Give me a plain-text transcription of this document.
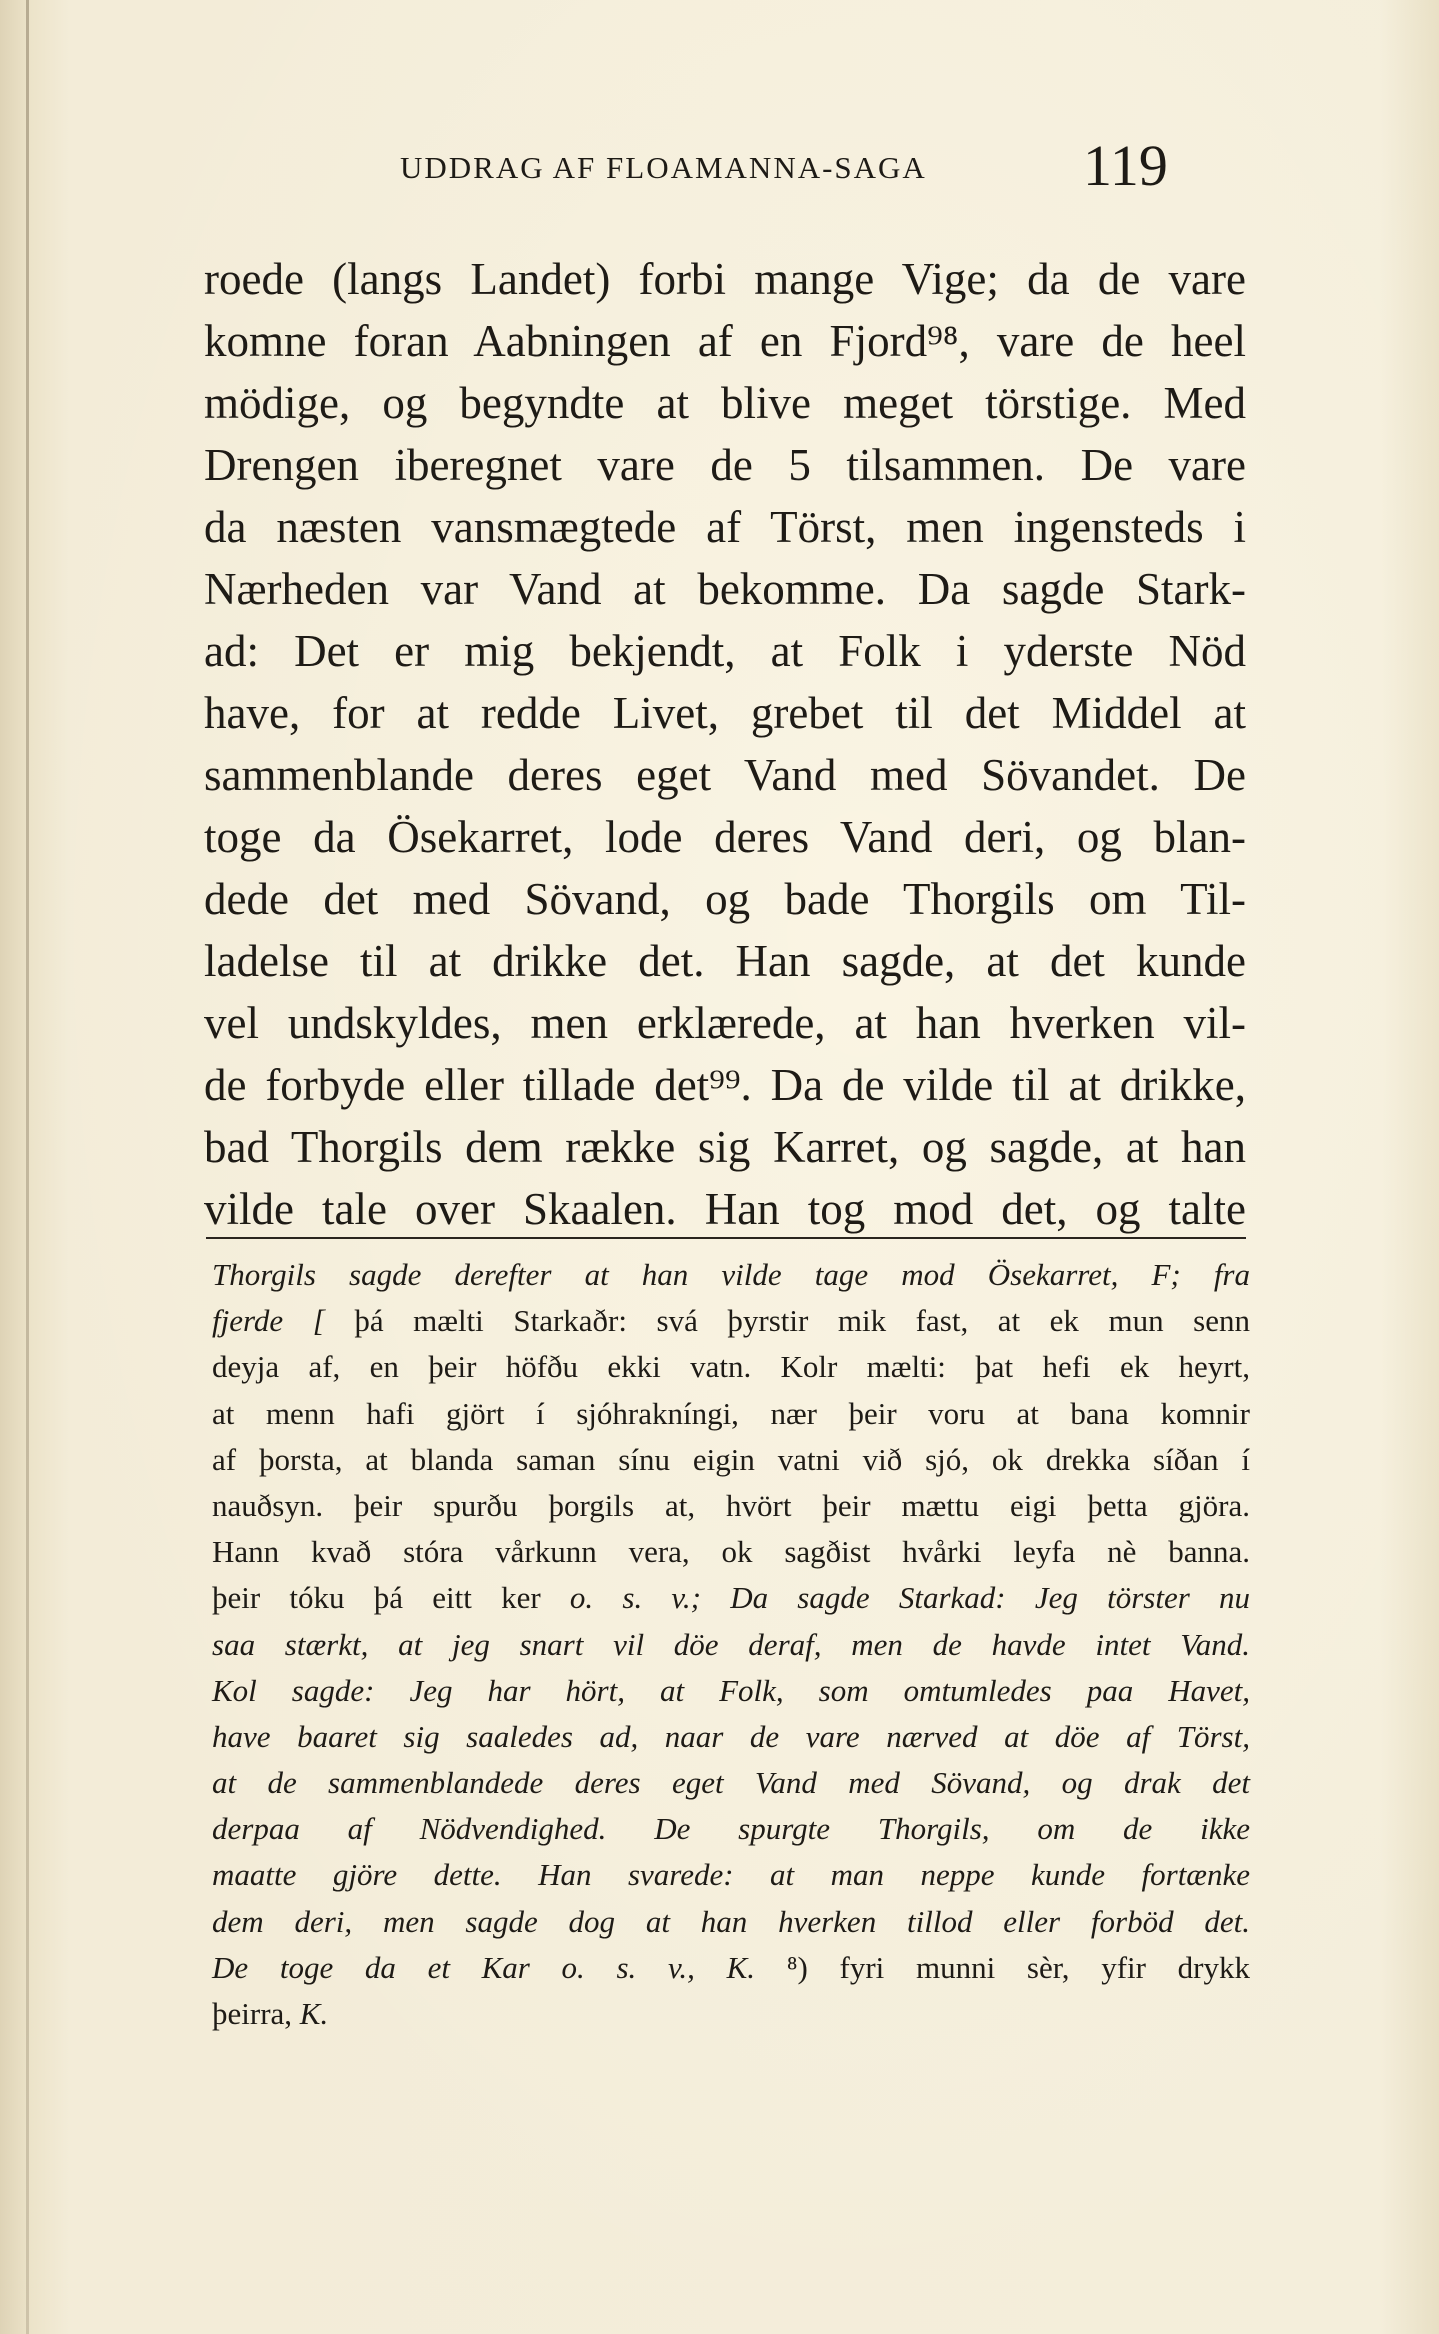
UDDRAG AF FLOAMANNA-SAGA	119
roede (langs Landet) forbi mange Vige; da de vare
komne foran Aabningen af en Fjord⁹⁸, vare de heel
mödige, og begyndte at blive meget törstige. Med
Drengen iberegnet vare de 5 tilsammen. De vare
da næsten vansmægtede af Törst, men ingensteds i
Nærheden var Vand at bekomme. Da sagde Stark-
ad: Det er mig bekjendt, at Folk i yderste Nöd
have, for at redde Livet, grebet til det Middel at
sammenblande deres eget Vand med Sövandet. De
toge da Ösekarret, lode deres Vand deri, og blan-
dede det med Sövand, og bade Thorgils om Til-
ladelse til at drikke det. Han sagde, at det kunde
vel undskyldes, men erklærede, at han hverken vil-
de forbyde eller tillade det⁹⁹. Da de vilde til at drikke,
bad Thorgils dem række sig Karret, og sagde, at han
vilde tale over Skaalen. Han tog mod det, og talte
Thorgils sagde derefter at han vilde tage mod Ösekarret, F; fra
fjerde [ þá mælti Starkaðr: svá þyrstir mik fast, at ek mun senn
deyja af, en þeir höfðu ekki vatn. Kolr mælti: þat hefi ek heyrt,
at menn hafi gjört í sjóhrakníngi, nær þeir voru at bana komnir
af þorsta, at blanda saman sínu eigin vatni við sjó, ok drekka síðan í
nauðsyn. þeir spurðu þorgils at, hvört þeir mættu eigi þetta gjöra.
Hann kvað stóra vårkunn vera, ok sagðist hvårki leyfa nè banna.
þeir tóku þá eitt ker o. s. v.; Da sagde Starkad: Jeg törster nu
saa stærkt, at jeg snart vil döe deraf, men de havde intet Vand.
Kol sagde: Jeg har hört, at Folk, som omtumledes paa Havet,
have baaret sig saaledes ad, naar de vare nærved at döe af Törst,
at de sammenblandede deres eget Vand med Sövand, og drak det
derpaa af Nödvendighed. De spurgte Thorgils, om de ikke
maatte gjöre dette. Han svarede: at man neppe kunde fortænke
dem deri, men sagde dog at han hverken tillod eller forböd det.
De toge da et Kar o. s. v., K. ⁸) fyri munni sèr, yfir drykk
þeirra, K.
